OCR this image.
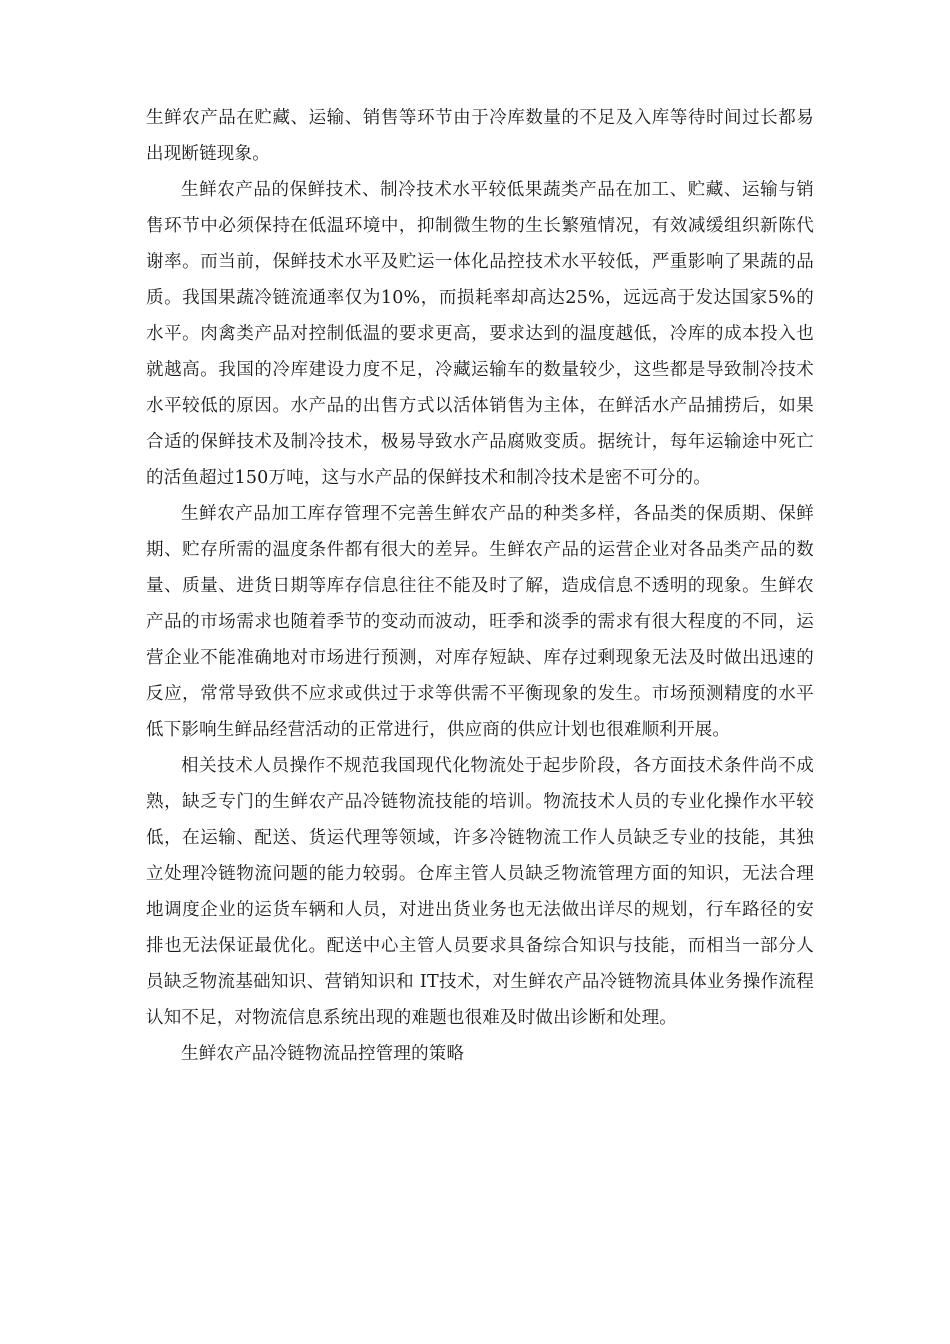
生鲜农产品在贮藏、运输、销售等环节由于冷库数量的不足及入库等待时间过长都易出现断链现象。

生鲜农产品的保鲜技术、制冷技术水平较低果蔬类产品在加工、贮藏、运输与销售环节中必须保持在低温环境中，抑制微生物的生长繁殖情况，有效减缓组织新陈代谢率。而当前，保鲜技术水平及贮运一体化品控技术水平较低，严重影响了果蔬的品质。我国果蔬冷链流通率仅为10%，而损耗率却高达25%，远远高于发达国家5%的水平。肉禽类产品对控制低温的要求更高，要求达到的温度越低，冷库的成本投入也就越高。我国的冷库建设力度不足，冷藏运输车的数量较少，这些都是导致制冷技术水平较低的原因。水产品的出售方式以活体销售为主体，在鲜活水产品捕捞后，如果合适的保鲜技术及制冷技术，极易导致水产品腐败变质。据统计，每年运输途中死亡的活鱼超过150万吨，这与水产品的保鲜技术和制冷技术是密不可分的。

生鲜农产品加工库存管理不完善生鲜农产品的种类多样，各品类的保质期、保鲜期、贮存所需的温度条件都有很大的差异。生鲜农产品的运营企业对各品类产品的数量、质量、进货日期等库存信息往往不能及时了解，造成信息不透明的现象。生鲜农产品的市场需求也随着季节的变动而波动，旺季和淡季的需求有很大程度的不同，运营企业不能准确地对市场进行预测，对库存短缺、库存过剩现象无法及时做出迅速的反应，常常导致供不应求或供过于求等供需不平衡现象的发生。市场预测精度的水平低下影响生鲜品经营活动的正常进行，供应商的供应计划也很难顺利开展。

相关技术人员操作不规范我国现代化物流处于起步阶段，各方面技术条件尚不成熟，缺乏专门的生鲜农产品冷链物流技能的培训。物流技术人员的专业化操作水平较低，在运输、配送、货运代理等领域，许多冷链物流工作人员缺乏专业的技能，其独立处理冷链物流问题的能力较弱。仓库主管人员缺乏物流管理方面的知识，无法合理地调度企业的运货车辆和人员，对进出货业务也无法做出详尽的规划，行车路径的安排也无法保证最优化。配送中心主管人员要求具备综合知识与技能，而相当一部分人员缺乏物流基础知识、营销知识和 IT技术，对生鲜农产品冷链物流具体业务操作流程认知不足，对物流信息系统出现的难题也很难及时做出诊断和处理。

生鲜农产品冷链物流品控管理的策略
